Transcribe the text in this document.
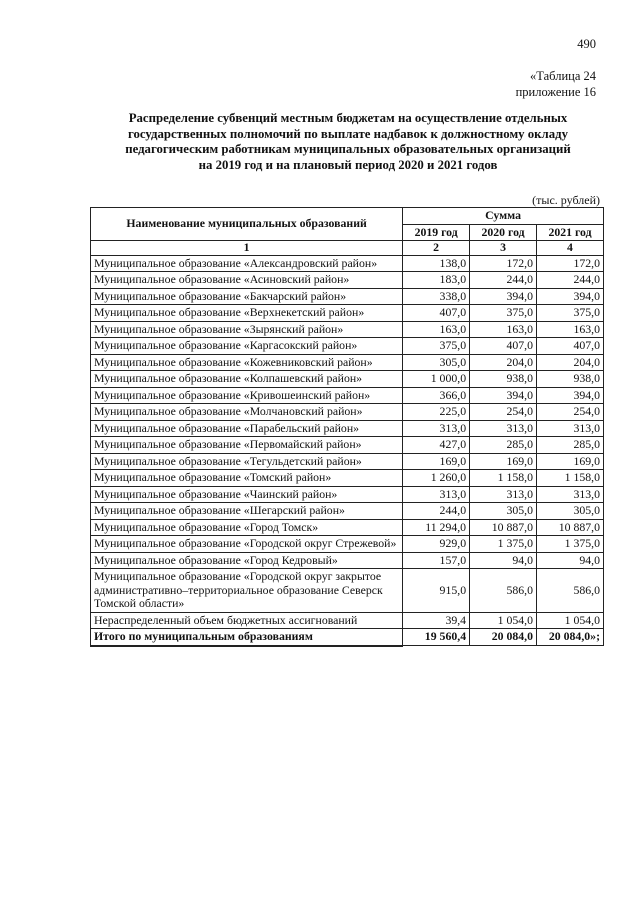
490
«Таблица 24
приложение 16
Распределение субвенций местным бюджетам на осуществление отдельных
государственных полномочий по выплате надбавок к должностному окладу
педагогическим работникам муниципальных образовательных организаций
на 2019 год и на плановый период 2020 и 2021 годов
(тыс. рублей)
Наименование муниципальных образований	Сумма		
	2019 год	2020 год	2021 год
1	2	3	4
Муниципальное образование «Александровский район»	138,0	172,0	172,0
Муниципальное образование «Асиновский район»	183,0	244,0	244,0
Муниципальное образование «Бакчарский район»	338,0	394,0	394,0
Муниципальное образование «Верхнекетский район»	407,0	375,0	375,0
Муниципальное образование «Зырянский район»	163,0	163,0	163,0
Муниципальное образование «Каргасокский район»	375,0	407,0	407,0
Муниципальное образование «Кожевниковский район»	305,0	204,0	204,0
Муниципальное образование «Колпашевский район»	1 000,0	938,0	938,0
Муниципальное образование «Кривошеинский район»	366,0	394,0	394,0
Муниципальное образование «Молчановский район»	225,0	254,0	254,0
Муниципальное образование «Парабельский район»	313,0	313,0	313,0
Муниципальное образование «Первомайский район»	427,0	285,0	285,0
Муниципальное образование «Тегульдетский район»	169,0	169,0	169,0
Муниципальное образование «Томский район»	1 260,0	1 158,0	1 158,0
Муниципальное образование «Чаинский район»	313,0	313,0	313,0
Муниципальное образование «Шегарский район»	244,0	305,0	305,0
Муниципальное образование «Город Томск»	11 294,0	10 887,0	10 887,0
Муниципальное образование «Городской округ Стрежевой»	929,0	1 375,0	1 375,0
Муниципальное образование «Город Кедровый»	157,0	94,0	94,0
Муниципальное образование «Городской округ закрытое административно–территориальное образование Северск Томской области»	915,0	586,0	586,0
Нераспределенный объем бюджетных ассигнований	39,4	1 054,0	1 054,0
Итого по муниципальным образованиям	19 560,4	20 084,0	20 084,0»;
